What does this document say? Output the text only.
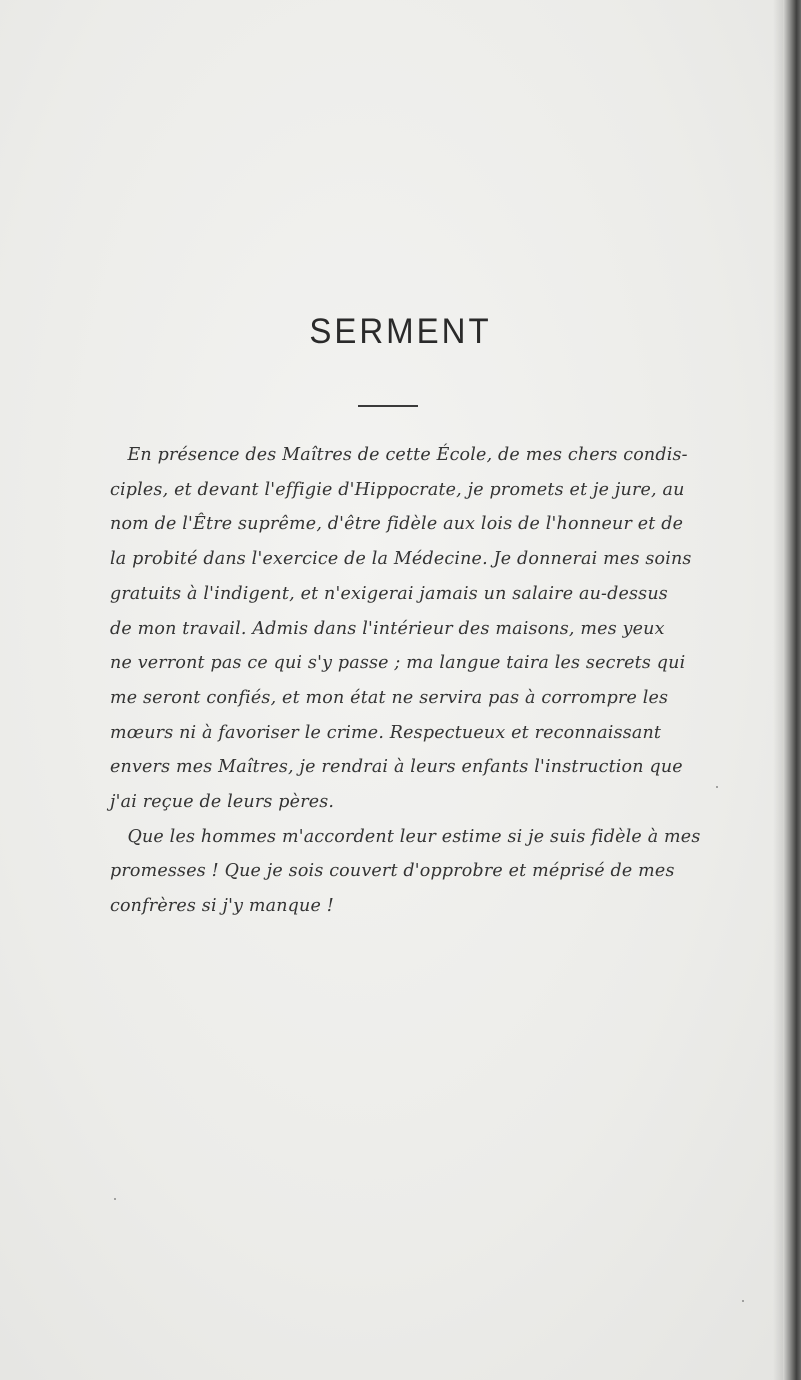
SERMENT

En présence des Maîtres de cette École, de mes chers condis-
ciples, et devant l'effigie d'Hippocrate, je promets et je jure, au
nom de l'Être suprême, d'être fidèle aux lois de l'honneur et de
la probité dans l'exercice de la Médecine. Je donnerai mes soins
gratuits à l'indigent, et n'exigerai jamais un salaire au-dessus
de mon travail. Admis dans l'intérieur des maisons, mes yeux
ne verront pas ce qui s'y passe ; ma langue taira les secrets qui
me seront confiés, et mon état ne servira pas à corrompre les
mœurs ni à favoriser le crime. Respectueux et reconnaissant
envers mes Maîtres, je rendrai à leurs enfants l'instruction que
j'ai reçue de leurs pères.

Que les hommes m'accordent leur estime si je suis fidèle à mes
promesses ! Que je sois couvert d'opprobre et méprisé de mes
confrères si j'y manque !
